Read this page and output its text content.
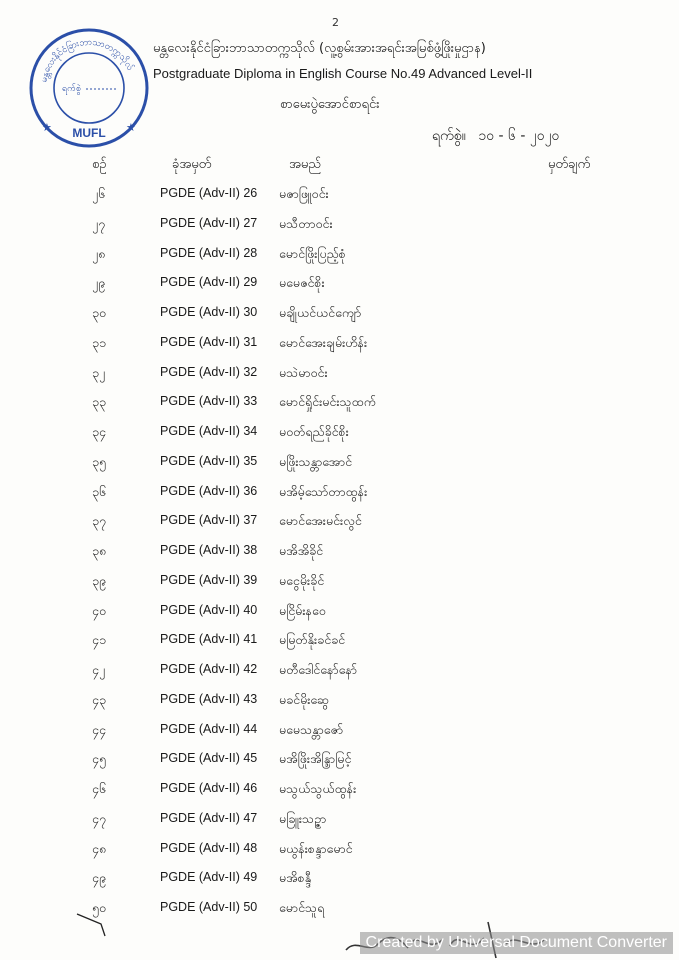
2
မန္တလေးနိုင်ငံခြားဘာသာတက္ကသိုလ်
ရက်စွဲ
MUFL
★	★
မန္တလေးနိုင်ငံခြားဘာသာတက္ကသိုလ် (လူ့စွမ်းအားအရင်းအမြစ်ဖွံ့ဖြိုးမှုဌာန)
Postgraduate Diploma in English Course No.49 Advanced Level-II
စာမေးပွဲအောင်စာရင်း
ရက်စွဲ။ ၁၀ - ၆ - ၂၀၂၀
စဉ်	ခုံအမှတ်	အမည်	မှတ်ချက်
၂၆	PGDE (Adv-II) 26 မဇာဖြူဝင်း
၂၇	PGDE (Adv-II) 27 မသီတာဝင်း
၂၈	PGDE (Adv-II) 28 မောင်ဖြိုးပြည့်စုံ
၂၉	PGDE (Adv-II) 29 မမေဇင်စိုး
၃၀	PGDE (Adv-II) 30 မချိုယင်ယင်ကျော်
၃၁	PGDE (Adv-II) 31 မောင်အေးချမ်းဟိန်း
၃၂	PGDE (Adv-II) 32 မသဲမာဝင်း
၃၃	PGDE (Adv-II) 33 မောင်ရှိုင်းမင်းသူထက်
၃၄	PGDE (Adv-II) 34 မဝတ်ရည်ခိုင်စိုး
၃၅	PGDE (Adv-II) 35 မဖြိုးသန္တာအောင်
၃၆	PGDE (Adv-II) 36 မအိမ့်သော်တာထွန်း
၃၇	PGDE (Adv-II) 37 မောင်အေးမင်းလွင်
၃၈	PGDE (Adv-II) 38 မအိအိခိုင်
၃၉	PGDE (Adv-II) 39 မငွေမိုးခိုင်
၄၀	PGDE (Adv-II) 40 မငြိမ်းနဝေ
၄၁	PGDE (Adv-II) 41 မမြတ်နိုးခင်ခင်
၄၂	PGDE (Adv-II) 42 မတီဒေါင်နော်နော်
၄၃	PGDE (Adv-II) 43 မခင်မိုးဆွေ
၄၄	PGDE (Adv-II) 44 မမေသန္တာဇော်
၄၅	PGDE (Adv-II) 45 မအိဖြိုးအိန္ဒြာမြင့်
၄၆	PGDE (Adv-II) 46 မသွယ်သွယ်ထွန်း
၄၇	PGDE (Adv-II) 47 မခြူးသဥ္ဇာ
၄၈	PGDE (Adv-II) 48 မယွန်းစန္ဒာမောင်
၄၉	PGDE (Adv-II) 49 မအိစန္ဒီ
၅၀	PGDE (Adv-II) 50 မောင်သူရ
Created by Universal Document Converter
